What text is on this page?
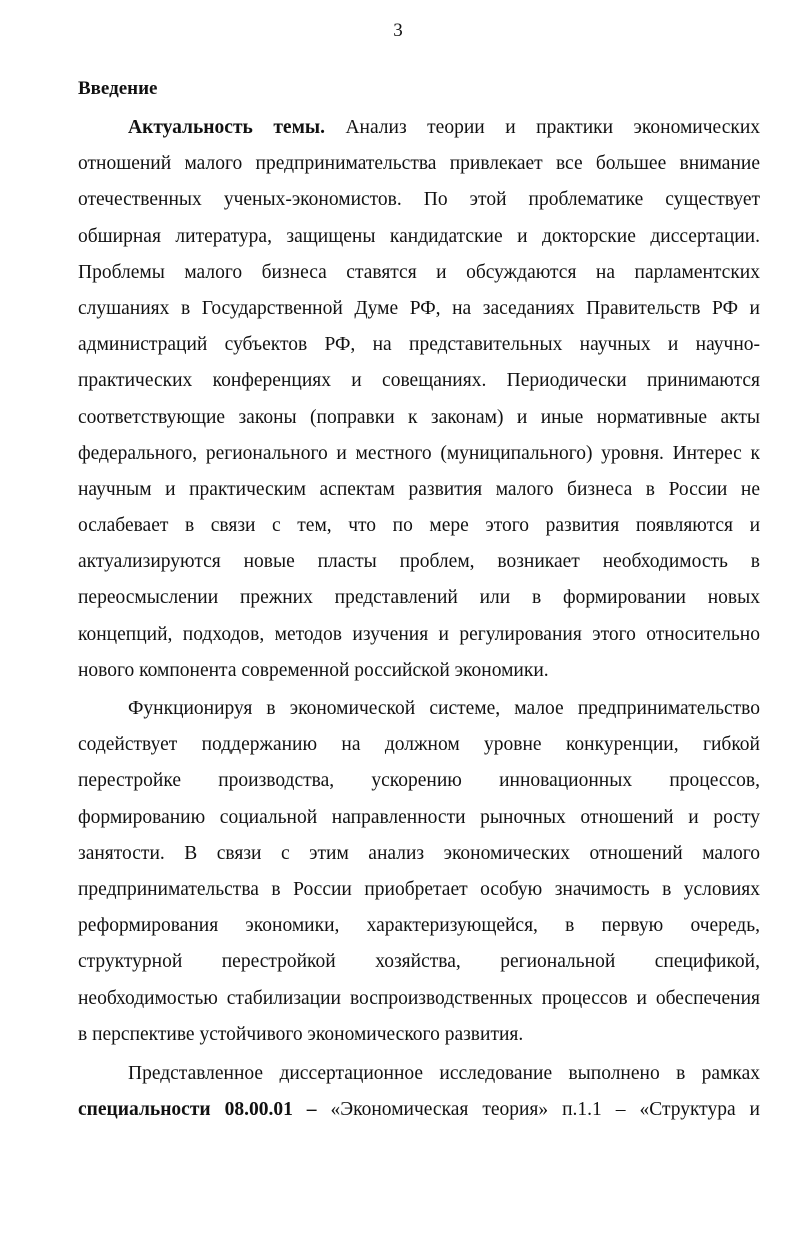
3
Введение
Актуальность темы. Анализ теории и практики экономических
отношений малого предпринимательства привлекает все большее внимание
отечественных ученых-экономистов. По этой проблематике существует
обширная литература, защищены кандидатские и докторские диссертации.
Проблемы малого бизнеса ставятся и обсуждаются на парламентских
слушаниях в Государственной Думе РФ, на заседаниях Правительств РФ и
администраций субъектов РФ, на представительных научных и научно-
практических конференциях и совещаниях. Периодически принимаются
соответствующие законы (поправки к законам) и иные нормативные акты
федерального, регионального и местного (муниципального) уровня. Интерес к
научным и практическим аспектам развития малого бизнеса в России не
ослабевает в связи с тем, что по мере этого развития появляются и
актуализируются новые пласты проблем, возникает необходимость в
переосмыслении прежних представлений или в формировании новых
концепций, подходов, методов изучения и регулирования этого относительно
нового компонента современной российской экономики.
Функционируя в экономической системе, малое предпринимательство
содействует поддержанию на должном уровне конкуренции, гибкой
перестройке производства, ускорению инновационных процессов,
формированию социальной направленности рыночных отношений и росту
занятости. В связи с этим анализ экономических отношений малого
предпринимательства в России приобретает особую значимость в условиях
реформирования экономики, характеризующейся, в первую очередь,
структурной перестройкой хозяйства, региональной спецификой,
необходимостью стабилизации воспроизводственных процессов и обеспечения
в перспективе устойчивого экономического развития.
Представленное диссертационное исследование выполнено в рамках
специальности 08.00.01 – «Экономическая теория» п.1.1 – «Структура и
